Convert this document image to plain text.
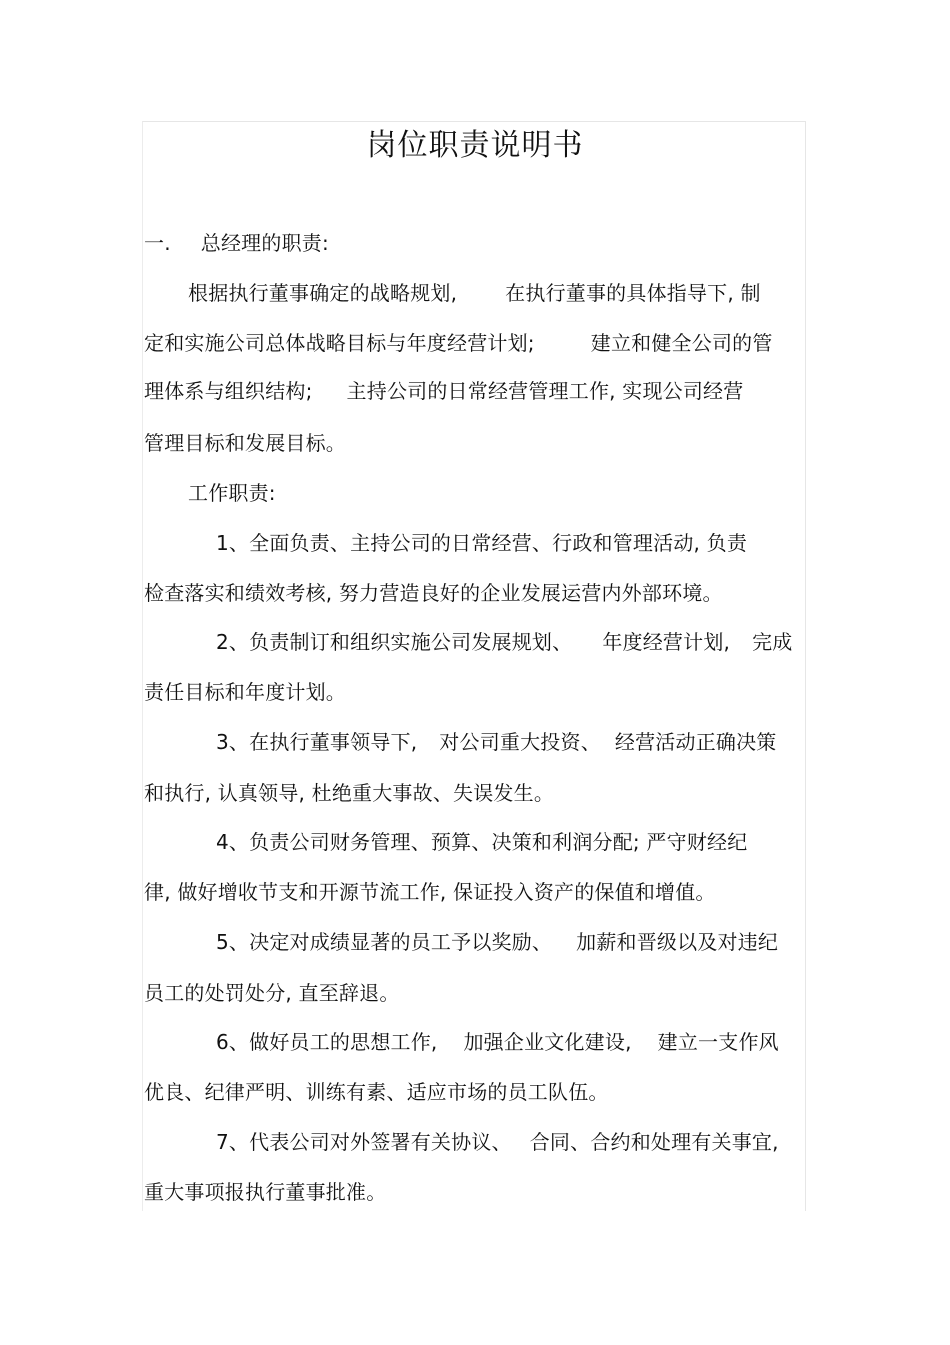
岗位职责说明书
一. 总经理的职责:
根据执行董事确定的战略规划, 在执行董事的具体指导下, 制
定和实施公司总体战略目标与年度经营计划;	建立和健全公司的管
理体系与组织结构; 主持公司的日常经营管理工作, 实现公司经营
管理目标和发展目标。
工作职责:
1、全面负责、主持公司的日常经营、行政和管理活动, 负责
检查落实和绩效考核, 努力营造良好的企业发展运营内外部环境。
2、负责制订和组织实施公司发展规划、 年度经营计划, 完成
责任目标和年度计划。
3、在执行董事领导下, 对公司重大投资、 经营活动正确决策
和执行, 认真领导, 杜绝重大事故、失误发生。
4、负责公司财务管理、预算、决策和利润分配; 严守财经纪
律, 做好增收节支和开源节流工作, 保证投入资产的保值和增值。
5、决定对成绩显著的员工予以奖励、 加薪和晋级以及对违纪
员工的处罚处分, 直至辞退。
6、做好员工的思想工作, 加强企业文化建设, 建立一支作风
优良、纪律严明、训练有素、适应市场的员工队伍。
7、代表公司对外签署有关协议、 合同、合约和处理有关事宜,
重大事项报执行董事批准。
